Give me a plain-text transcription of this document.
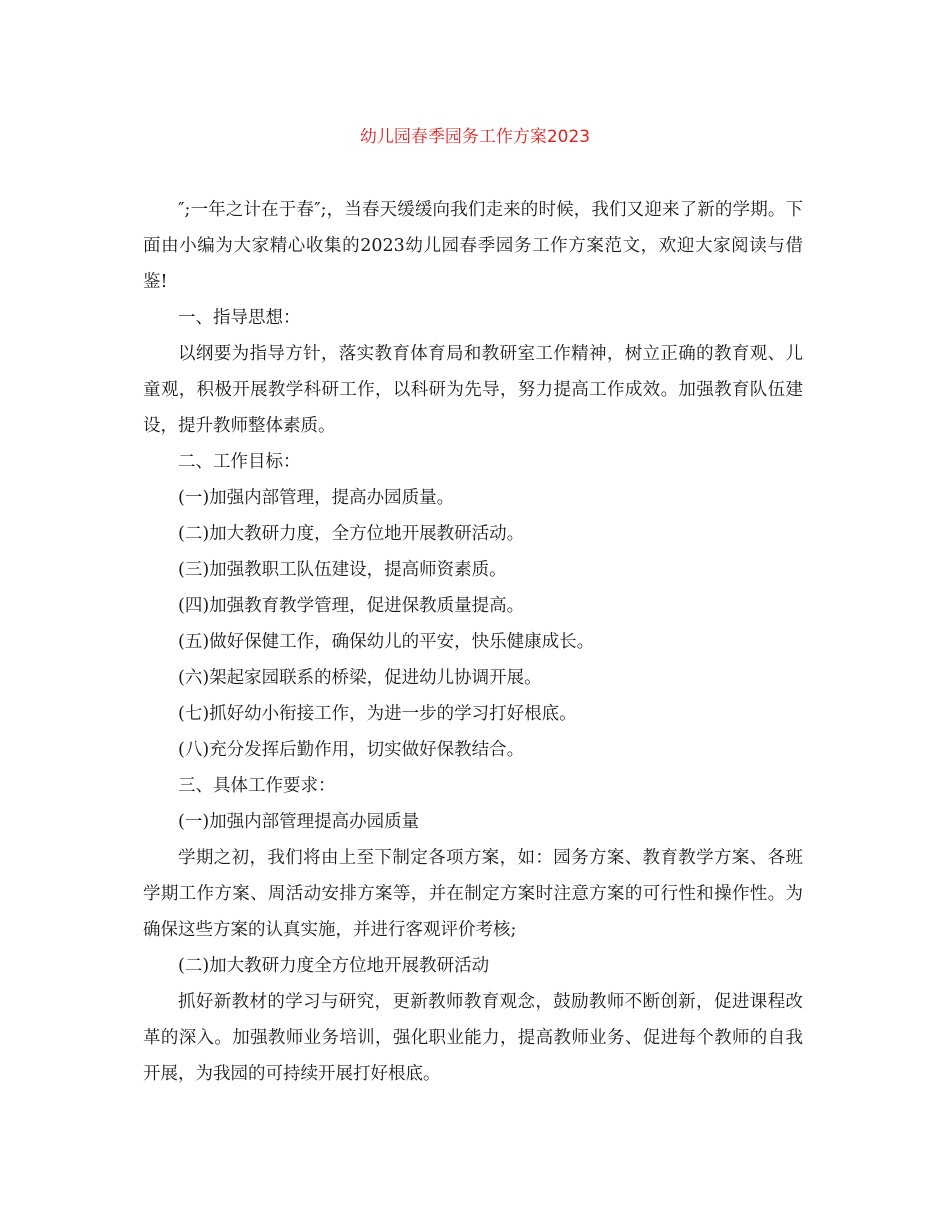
幼儿园春季园务工作方案2023

″;一年之计在于春″;，当春天缓缓向我们走来的时候，我们又迎来了新的学期。下面由小编为大家精心收集的2023幼儿园春季园务工作方案范文，欢迎大家阅读与借鉴!

一、指导思想：

以纲要为指导方针，落实教育体育局和教研室工作精神，树立正确的教育观、儿童观，积极开展教学科研工作，以科研为先导，努力提高工作成效。加强教育队伍建设，提升教师整体素质。

二、工作目标：

(一)加强内部管理，提高办园质量。

(二)加大教研力度，全方位地开展教研活动。

(三)加强教职工队伍建设，提高师资素质。

(四)加强教育教学管理，促进保教质量提高。

(五)做好保健工作，确保幼儿的平安，快乐健康成长。

(六)架起家园联系的桥梁，促进幼儿协调开展。

(七)抓好幼小衔接工作，为进一步的学习打好根底。

(八)充分发挥后勤作用，切实做好保教结合。

三、具体工作要求：

(一)加强内部管理提高办园质量

学期之初，我们将由上至下制定各项方案，如：园务方案、教育教学方案、各班学期工作方案、周活动安排方案等，并在制定方案时注意方案的可行性和操作性。为确保这些方案的认真实施，并进行客观评价考核;

(二)加大教研力度全方位地开展教研活动

抓好新教材的学习与研究，更新教师教育观念，鼓励教师不断创新，促进课程改革的深入。加强教师业务培训，强化职业能力，提高教师业务、促进每个教师的自我开展，为我园的可持续开展打好根底。
